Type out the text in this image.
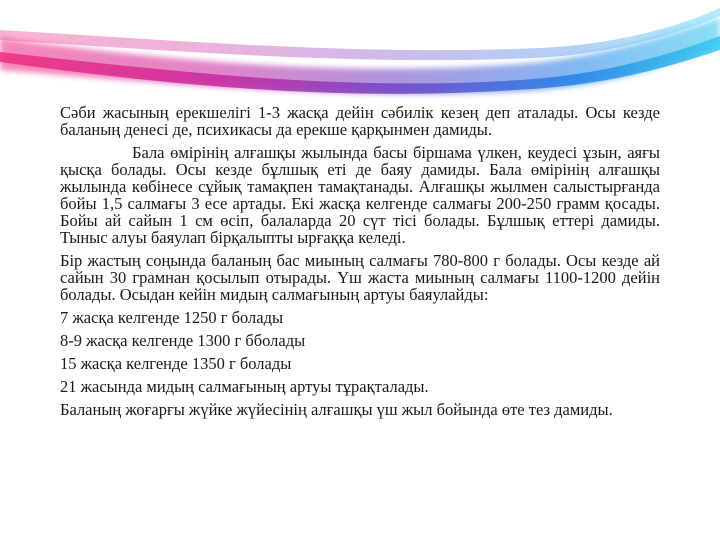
Сәби жасының ерекшелігі 1-3 жасқа дейін сәбилік кезең деп аталады. Осы кезде баланың денесі де, психикасы да ерекше қарқынмен дамиды.

Бала өмірінің алғашқы жылында басы біршама үлкен, кеудесі ұзын, аяғы қысқа болады. Осы кезде бұлшық еті де баяу дамиды. Бала өмірінің алғашқы жылында көбінесе сұйық тамақпен тамақтанады. Алғашқы жылмен салыстырғанда бойы 1,5 салмағы 3 есе артады. Екі жасқа келгенде салмағы 200-250 грамм қосады. Бойы ай сайын 1 см өсіп, балаларда 20 сүт тісі болады. Бұлшық еттері дамиды. Тыныс алуы баяулап бірқалыпты ырғаққа келеді.

Бір жастың соңында баланың бас миының салмағы 780-800 г болады. Осы кезде ай сайын 30 грамнан қосылып отырады. Үш жаста миының салмағы 1100-1200 дейін болады. Осыдан кейін мидың салмағының артуы баяулайды:

7 жасқа келгенде 1250 г болады

8-9 жасқа келгенде 1300 г бболады

15 жасқа келгенде 1350 г болады

21 жасында мидың салмағының артуы тұрақталады.

Баланың жоғарғы жүйке жүйесінің алғашқы үш жыл бойында өте тез дамиды.
